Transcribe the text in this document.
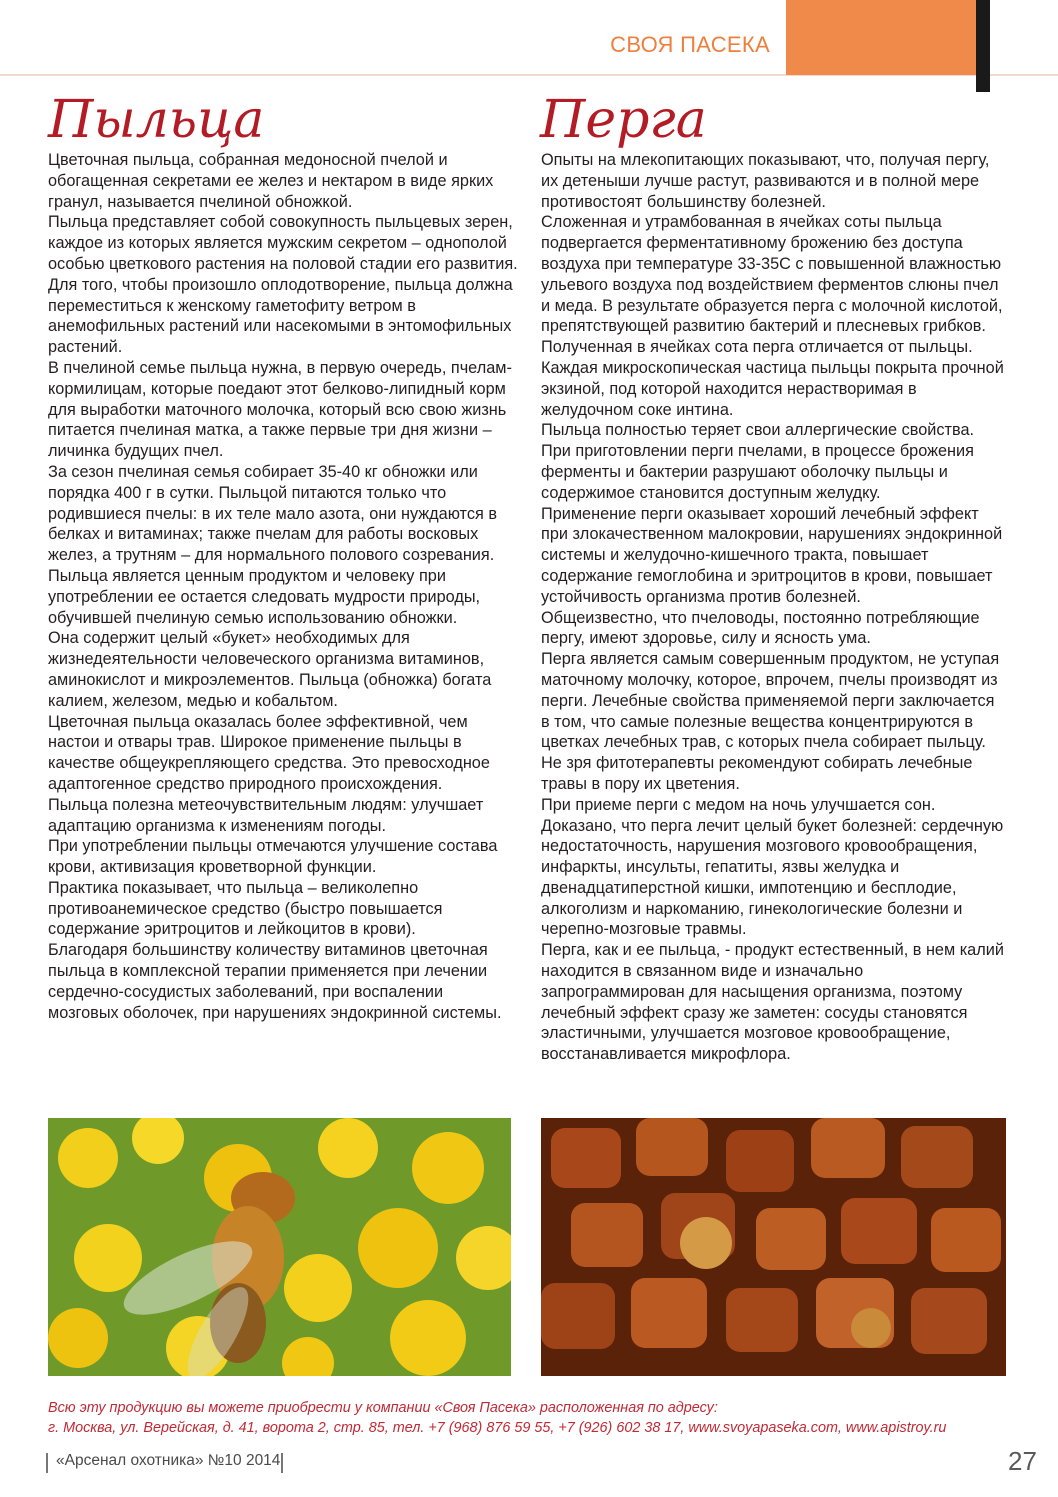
СВОЯ ПАСЕКА
Пыльца	Перга

Цветочная пыльца, собранная медоносной пчелой и обогащенная секретами ее желез и нектаром в виде ярких гранул, называется пчелиной обножкой.

Пыльца представляет собой совокупность пыльцевых зерен, каждое из которых является мужским секретом – однополой особью цветкового растения на половой стадии его развития. Для того, чтобы произошло оплодотворение, пыльца должна переместиться к женскому гаметофиту ветром в анемофильных растений или насекомыми в энтомофильных растений.

В пчелиной семье пыльца нужна, в первую очередь, пчелам-кормилицам, которые поедают этот белково-липидный корм для выработки маточного молочка, который всю свою жизнь питается пчелиная матка, а также первые три дня жизни – личинка будущих пчел.

За сезон пчелиная семья собирает 35-40 кг обножки или порядка 400 г в сутки. Пыльцой питаются только что родившиеся пчелы: в их теле мало азота, они нуждаются в белках и витаминах; также пчелам для работы восковых желез, а трутням – для нормального полового созревания.

Пыльца является ценным продуктом и человеку при употреблении ее остается следовать мудрости природы, обучившей пчелиную семью использованию обножки.

Она содержит целый «букет» необходимых для жизнедеятельности человеческого организма витаминов, аминокислот и микроэлементов. Пыльца (обножка) богата калием, железом, медью и кобальтом.

Цветочная пыльца оказалась более эффективной, чем настои и отвары трав. Широкое применение пыльцы в качестве общеукрепляющего средства. Это превосходное адаптогенное средство природного происхождения.

Пыльца полезна метеочувствительным людям: улучшает адаптацию организма к изменениям погоды.

При употреблении пыльцы отмечаются улучшение состава крови, активизация кроветворной функции.

Практика показывает, что пыльца – великолепно противоанемическое средство (быстро повышается содержание эритроцитов и лейкоцитов в крови).

Благодаря большинству количеству витаминов цветочная пыльца в комплексной терапии применяется при лечении сердечно-сосудистых заболеваний, при воспалении мозговых оболочек, при нарушениях эндокринной системы.

Опыты на млекопитающих показывают, что, получая пергу, их детеныши лучше растут, развиваются и в полной мере противостоят большинству болезней.

Сложенная и утрамбованная в ячейках соты пыльца подвергается ферментативному брожению без доступа воздуха при температуре 33-35С с повышенной влажностью ульевого воздуха под воздействием ферментов слюны пчел и меда. В результате образуется перга с молочной кислотой, препятствующей развитию бактерий и плесневых грибков. Полученная в ячейках сота перга отличается от пыльцы. Каждая микроскопическая частица пыльцы покрыта прочной экзиной, под которой находится нерастворимая в желудочном соке интина.

Пыльца полностью теряет свои аллергические свойства. При приготовлении перги пчелами, в процессе брожения ферменты и бактерии разрушают оболочку пыльцы и содержимое становится доступным желудку.

Применение перги оказывает хороший лечебный эффект при злокачественном малокровии, нарушениях эндокринной системы и желудочно-кишечного тракта, повышает содержание гемоглобина и эритроцитов в крови, повышает устойчивость организма против болезней.

Общеизвестно, что пчеловоды, постоянно потребляющие пергу, имеют здоровье, силу и ясность ума.

Перга является самым совершенным продуктом, не уступая маточному молочку, которое, впрочем, пчелы производят из перги. Лечебные свойства применяемой перги заключается в том, что самые полезные вещества концентрируются в цветках лечебных трав, с которых пчела собирает пыльцу. Не зря фитотерапевты рекомендуют собирать лечебные травы в пору их цветения.

При приеме перги с медом на ночь улучшается сон.

Доказано, что перга лечит целый букет болезней: сердечную недостаточность, нарушения мозгового кровообращения, инфаркты, инсульты, гепатиты, язвы желудка и двенадцатиперстной кишки, импотенцию и бесплодие, алкоголизм и наркоманию, гинекологические болезни и черепно-мозговые травмы.

Перга, как и ее пыльца, - продукт естественный, в нем калий находится в связанном виде и изначально запрограммирован для насыщения организма, поэтому лечебный эффект сразу же заметен: сосуды становятся эластичными, улучшается мозговое кровообращение, восстанавливается микрофлора.

Всю эту продукцию вы можете приобрести у компании «Своя Пасека» расположенная по адресу:

г. Москва, ул. Верейская, д. 41, ворота 2, стр. 85, тел. +7 (968) 876 59 55, +7 (926) 602 38 17, www.svoyapaseka.com, www.apistroy.ru

«Арсенал охотника» №10 2014	27
